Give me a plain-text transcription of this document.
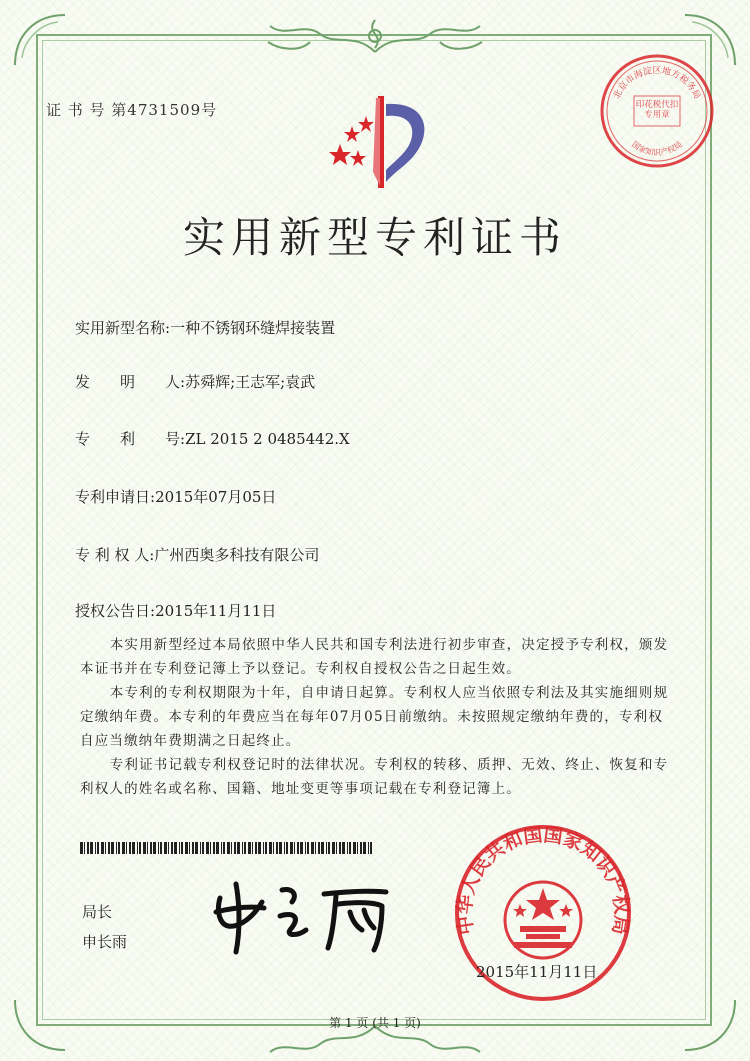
证 书 号 第4731509号
北京市海淀区地方税务局
国家知识产权局
印花税代扣专用章
实用新型专利证书
实用新型名称:一种不锈钢环缝焊接装置
发　　明　　人:苏舜辉;王志军;袁武
专　　利　　号:ZL 2015 2 0485442.X
专利申请日:2015年07月05日
专 利 权 人:广州西奥多科技有限公司
授权公告日:2015年11月11日

本实用新型经过本局依照中华人民共和国专利法进行初步审查，决定授予专利权，颁发本证书并在专利登记簿上予以登记。专利权自授权公告之日起生效。

本专利的专利权期限为十年，自申请日起算。专利权人应当依照专利法及其实施细则规定缴纳年费。本专利的年费应当在每年07月05日前缴纳。未按照规定缴纳年费的，专利权自应当缴纳年费期满之日起终止。

专利证书记载专利权登记时的法律状况。专利权的转移、质押、无效、终止、恢复和专利权人的姓名或名称、国籍、地址变更等事项记载在专利登记簿上。

局长
申长雨
中华人民共和国国家知识产权局
2015年11月11日
第 1 页 (共 1 页)
